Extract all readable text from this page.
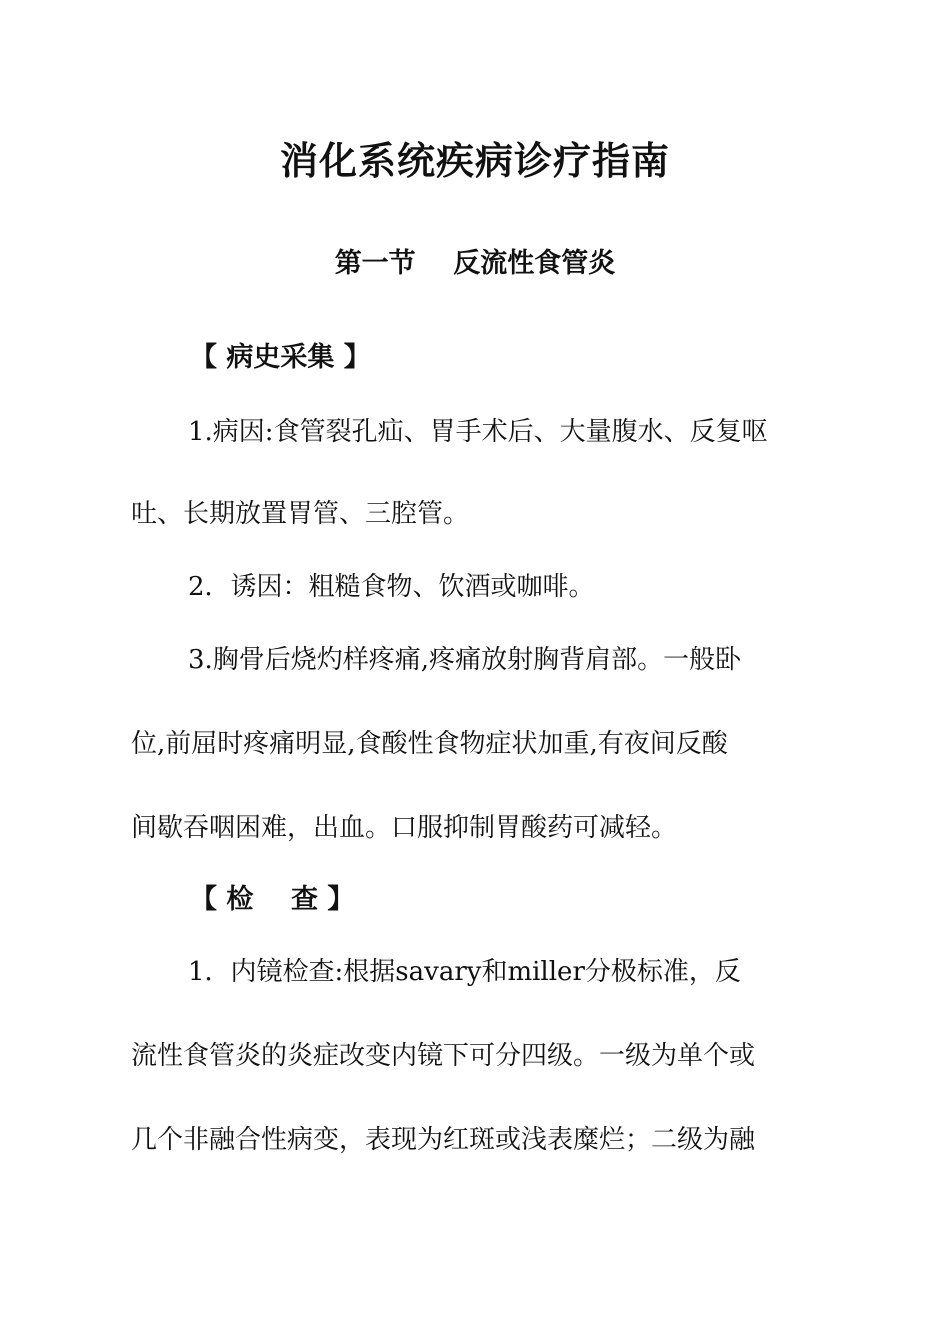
消化系统疾病诊疗指南
第一节    反流性食管炎
【 病史采集 】
1.病因:食管裂孔疝、胃手术后、大量腹水、反复呕
吐、长期放置胃管、三腔管。
2．诱因：粗糙食物、饮酒或咖啡。
3.胸骨后烧灼样疼痛,疼痛放射胸背肩部。一般卧
位,前屈时疼痛明显,食酸性食物症状加重,有夜间反酸
间歇吞咽困难，出血。口服抑制胃酸药可减轻。
【 检    查 】
1．内镜检查:根据savary和miller分极标准，反
流性食管炎的炎症改变内镜下可分四级。一级为单个或
几个非融合性病变，表现为红斑或浅表糜烂；二级为融
